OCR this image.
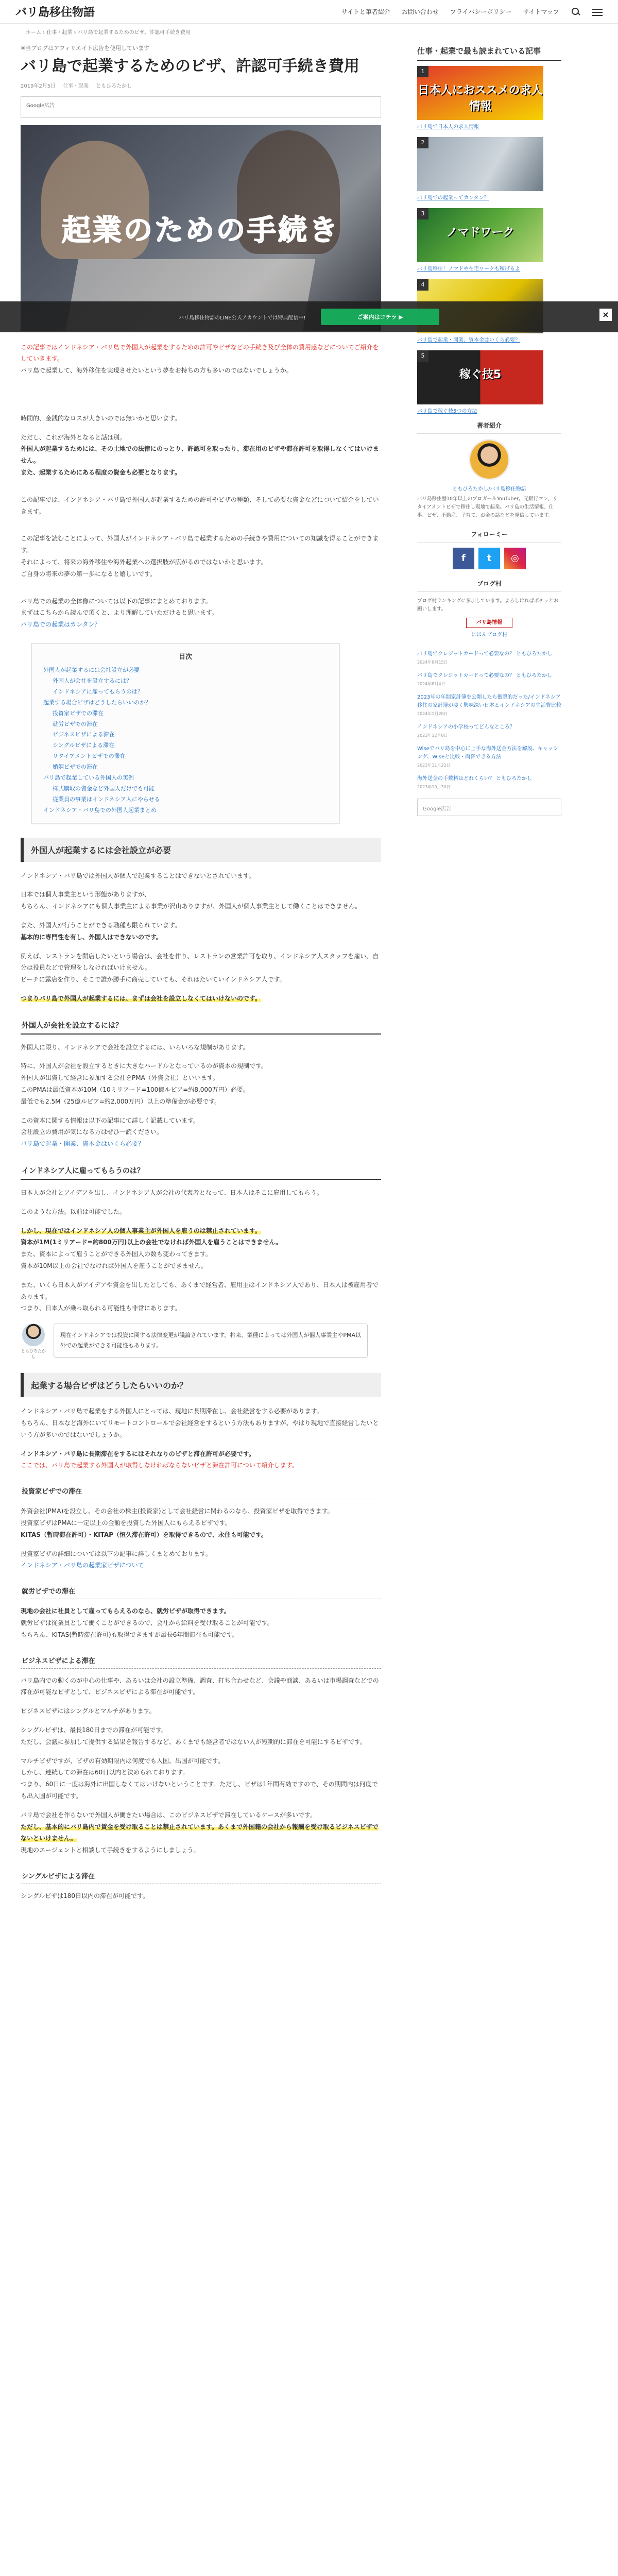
バリ島移住物語	サイトと筆者紹介 お問い合わせ プライバシーポリシー サイトマップ
ホーム › 仕事・起業 › バリ島で起業するためのビザ、許認可手続き費用
バリ島移住物語のLINE公式アカウントでは特典配信中!	ご案内はコチラ ▶	×
※当ブログはアフィリエイト広告を使用しています
バリ島で起業するためのビザ、許認可手続き費用
2019年2月5日 仕事・起業 ともひろたかし
Google広告
起業のための手続き

この記事ではインドネシア・バリ島で外国人が起業をするための許可やビザなどの手続き及び全体の費用感などについてご紹介をしていきます。
バリ島で起業して、海外移住を実現させたいという夢をお持ちの方も多いのではないでしょうか。

時間的、金銭的なロスが大きいのでは無いかと思います。

ただし、これが海外となると話は別。
外国人が起業するためには、その土地での法律にのっとり、許認可を取ったり、滞在用のビザや滞在許可を取得しなくてはいけません。
また、起業するためにある程度の資金も必要となります。

この記事では、インドネシア・バリ島で外国人が起業するための許可やビザの種類、そして必要な資金などについて紹介をしていきます。

この記事を読むことによって、外国人がインドネシア・バリ島で起業するための手続きや費用についての知識を得ることができます。
それによって、将来の海外移住や海外起業への選択肢が広がるのではないかと思います。
ご自身の将来の夢の第一歩になると嬉しいです。

バリ島での起業の全体像については以下の記事にまとめております。
まずはこちらから読んで頂くと、より理解していただけると思います。
バリ島での起業はカンタン？

目次
外国人が起業するには会社設立が必要
外国人が会社を設立するには？
インドネシアに雇ってもらうのは？
起業する場合ビザはどうしたらいいのか？
投資家ビザでの滞在
就労ビザでの滞在
ビジネスビザによる滞在
シングルビザによる滞在
リタイアメントビザでの滞在
婚姻ビザでの滞在
バリ島で起業している外国人の実例
株式購取の資金など外国人だけでも可能
従業員の事業はインドネシア人にやらせる
インドネシア・バリ島での外国人起業まとめ
外国人が起業するには会社設立が必要

インドネシア・バリ島では外国人が個人で起業することはできないとされています。

日本では個人事業主という形態がありますが、
もちろん、インドネシアにも個人事業主による事業が沢山ありますが、外国人が個人事業主として働くことはできません。

また、外国人が行うことができる職種も限られています。
基本的に専門性を有し、外国人はできないのです。

例えば、レストランを開店したいという場合は、会社を作り、レストランの営業許可を取り、インドネシア人スタッフを雇い、自分は役員などで管理をしなければいけません。
ビーチに露店を作り、そこで誰か勝手に商売していても、それはたいていインドネシア人です。

つまりバリ島で外国人が起業するには、まずは会社を設立しなくてはいけないのです。

外国人が会社を設立するには？

外国人に限り、インドネシアで会社を設立するには、いろいろな規制があります。

特に、外国人が会社を設立するときに大きなハードルとなっているのが資本の規制です。
外国人が出資して経営に参加する会社をPMA（外資会社）といいます。
このPMAは最低資本が10M（10ミリアード=100億ルピア=約8,000万円）必要。
最低でも2.5M（25億ルピア=約2,000万円）以上の準備金が必要です。

この資本に関する情報は以下の記事にて詳しく記載しています。
会社設立の費用が気になる方はぜひ一読ください。
バリ島で起業・開業、資本金はいくら必要？

インドネシア人に雇ってもらうのは？

日本人が会社とアイデアを出し、インドネシア人が会社の代表者となって、日本人はそこに雇用してもらう。

このような方法。以前は可能でした。

しかし、現在ではインドネシア人の個人事業主が外国人を雇うのは禁止されています。
資本が1M(1ミリアード=約800万円)以上の会社でなければ外国人を雇うことはできません。
また、資本によって雇うことができる外国人の数も変わってきます。
資本が10M以上の会社でなければ外国人を雇うことができません。

また、いくら日本人がアイデアや資金を出したとしても、あくまで経営者、雇用主はインドネシア人であり、日本人は被雇用者であります。
つまり、日本人が乗っ取られる可能性も非常にあります。

ともひろたかし
現在インドネシアでは投資に関する法律変更が議論されています。将来、業種によっては外国人が個人事業主やPMA以外での起業ができる可能性もあります。
起業する場合ビザはどうしたらいいのか？

インドネシア・バリ島で起業をする外国人にとっては、現地に長期滞在し、会社経営をする必要があります。
もちろん、日本など海外にいてリモートコントロールで会社経営をするという方法もありますが、やはり現地で直接経営したいという方が多いのではないでしょうか。

インドネシア・バリ島に長期滞在をするにはそれなりのビザと滞在許可が必要です。
ここでは、バリ島で起業する外国人が取得しなければならないビザと滞在許可について紹介します。

投資家ビザでの滞在

外資会社(PMA)を設立し、その会社の株主(投資家)として会社経営に関わるのなら、投資家ビザを取得できます。
投資家ビザはPMAに一定以上の金額を投資した外国人にもらえるビザです。
KITAS（暫時滞在許可）・KITAP（恒久滞在許可）を取得できるので、永住も可能です。

投資家ビザの詳細については以下の記事に詳しくまとめております。
インドネシア・バリ島の起業家ビザについて

就労ビザでの滞在

現地の会社に社員として雇ってもらえるのなら、就労ビザが取得できます。
就労ビザは従業員として働くことができるので、会社から給料を受け取ることが可能です。
もちろん、KITAS(暫時滞在許可)も取得できますが最長6年間滞在も可能です。

ビジネスビザによる滞在

バリ島内での動くのが中心の仕事や、あるいは会社の設立準備、調査、打ち合わせなど、会議や商談、あるいは市場調査などでの滞在が可能なビザとして、ビジネスビザによる滞在が可能です。

ビジネスビザにはシングルとマルチがあります。

シングルビザは、最長180日までの滞在が可能です。
ただし、会議に参加して提供する結果を報告するなど、あくまでも経営者ではない人が短期的に滞在を可能にするビザです。

マルチビザですが、ビザの有効期限内は何度でも入国、出国が可能です。
しかし、連続しての滞在は60日以内と決められております。
つまり、60日に一度は海外に出国しなくてはいけないということです。ただし、ビザは1年間有効ですので、その期間内は何度でも出入国が可能です。

バリ島で会社を作らないで外国人が働きたい場合は、このビジネスビザで滞在しているケースが多いです。
ただし、基本的にバリ島内で賃金を受け取ることは禁止されています。あくまで外国籍の会社から報酬を受け取るビジネスビザでないといけません。
現地のエージェントと相談して手続きをするようにしましょう。

シングルビザによる滞在

シングルビザは180日以内の滞在が可能です。

仕事・起業で最も読まれている記事
1
日本人におススメの求人情報
バリ島で日本人の求人情報
2
バリ島での起業ってカンタン？
3
ノマドワーク
バリ島移住！ノマドや在宅ワークも稼げるよ
4
バリ島で起業・開業、資本金はいくら必要？
5
稼ぐ技5
バリ島で稼ぐ技5つの方法
著者紹介
ともひろたかし/バリ島移住物語
バリ島移住歴10年以上のブロガー＆YouTuber。元銀行マン、リタイアメントビザで移住し現地で起業。バリ島の生活情報、仕事、ビザ、不動産、子育て、お金の話などを発信しています。
フォローミー
f	t	◎
ブログ村
ブログ村ランキングに参加しています。よろしければポチッとお願いします。
バリ島情報
にほんブログ村
バリ島でクレジットカードって必要なの？ ともひろたかし
2024年8月15日
バリ島でクレジットカードって必要なの？ ともひろたかし
2024年8月4日
2023年の年間家計簿を公開したら衝撃的だった/インドネシア移住の家計簿が凄く興味深い日本とインドネシアの生活費比較
2024年1月20日
インドネシアの小学校ってどんなところ？
2023年12月8日
Wiseでバリ島を中心に上手な海外送金方法を解説、キャッシング、Wiseと比較・両替できる方法
2023年11月22日
海外送金の手数料はどれくらい？ ともひろたかし
2023年10月30日
Google広告
